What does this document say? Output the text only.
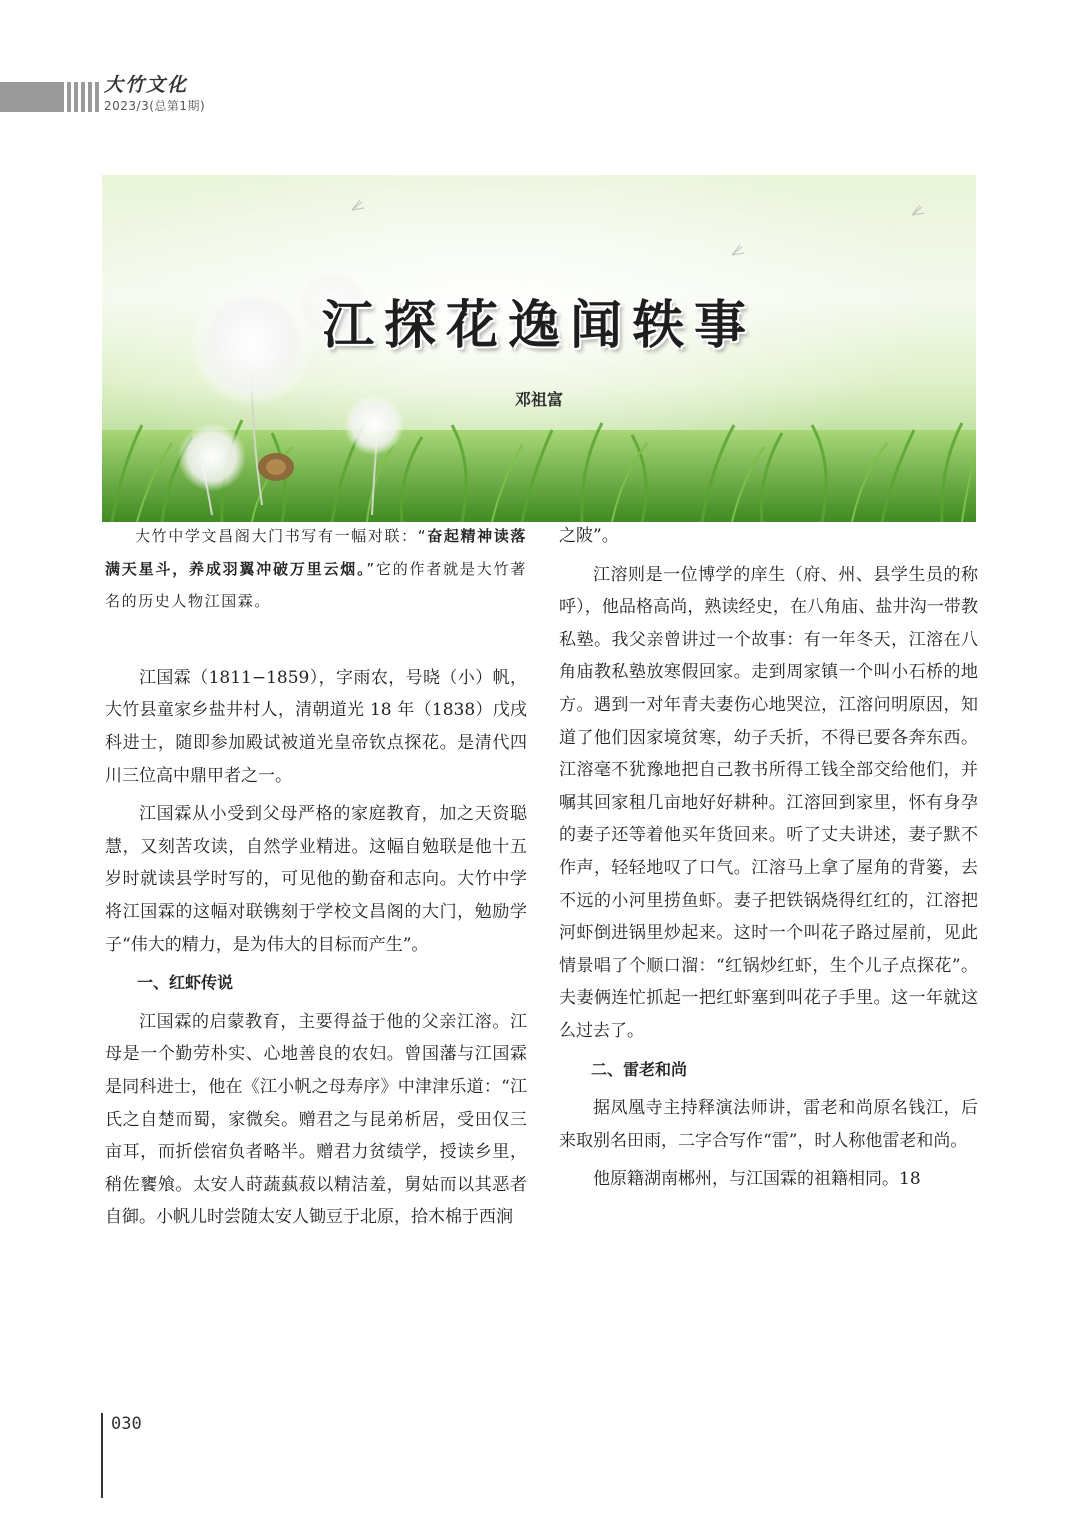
大竹文化
2023/3(总第1期)
江探花逸闻轶事
邓祖富

大竹中学文昌阁大门书写有一幅对联：“奋起精神读落满天星斗，养成羽翼冲破万里云烟。”它的作者就是大竹著名的历史人物江国霖。

江国霖（1811−1859），字雨农，号晓（小）帆，大竹县童家乡盐井村人，清朝道光 18 年（1838）戊戌科进士，随即参加殿试被道光皇帝钦点探花。是清代四川三位高中鼎甲者之一。

江国霖从小受到父母严格的家庭教育，加之天资聪慧，又刻苦攻读，自然学业精进。这幅自勉联是他十五岁时就读县学时写的，可见他的勤奋和志向。大竹中学将江国霖的这幅对联镌刻于学校文昌阁的大门，勉励学子“伟大的精力，是为伟大的目标而产生”。

一、红虾传说

江国霖的启蒙教育，主要得益于他的父亲江溶。江母是一个勤劳朴实、心地善良的农妇。曾国藩与江国霖是同科进士，他在《江小帆之母寿序》中津津乐道：“江氏之自楚而蜀，家微矣。赠君之与昆弟析居，受田仅三亩耳，而折偿宿负者略半。赠君力贫绩学，授读乡里，稍佐饔飧。太安人莳蔬蓺菽以精洁羞，舅姑而以其恶者自御。小帆儿时尝随太安人锄豆于北原，拾木棉于西涧

之陂”。

江溶则是一位博学的庠生（府、州、县学生员的称呼），他品格高尚，熟读经史，在八角庙、盐井沟一带教私塾。我父亲曾讲过一个故事：有一年冬天，江溶在八角庙教私塾放寒假回家。走到周家镇一个叫小石桥的地方。遇到一对年青夫妻伤心地哭泣，江溶问明原因，知道了他们因家境贫寒，幼子夭折，不得已要各奔东西。江溶毫不犹豫地把自己教书所得工钱全部交给他们，并嘱其回家租几亩地好好耕种。江溶回到家里，怀有身孕的妻子还等着他买年货回来。听了丈夫讲述，妻子默不作声，轻轻地叹了口气。江溶马上拿了屋角的背篓，去不远的小河里捞鱼虾。妻子把铁锅烧得红红的，江溶把河虾倒进锅里炒起来。这时一个叫花子路过屋前，见此情景唱了个顺口溜：“红锅炒红虾，生个儿子点探花”。夫妻俩连忙抓起一把红虾塞到叫花子手里。这一年就这么过去了。

二、雷老和尚

据凤凰寺主持释演法师讲，雷老和尚原名钱江，后来取别名田雨，二字合写作“雷”，时人称他雷老和尚。

他原籍湖南郴州，与江国霖的祖籍相同。18

030
